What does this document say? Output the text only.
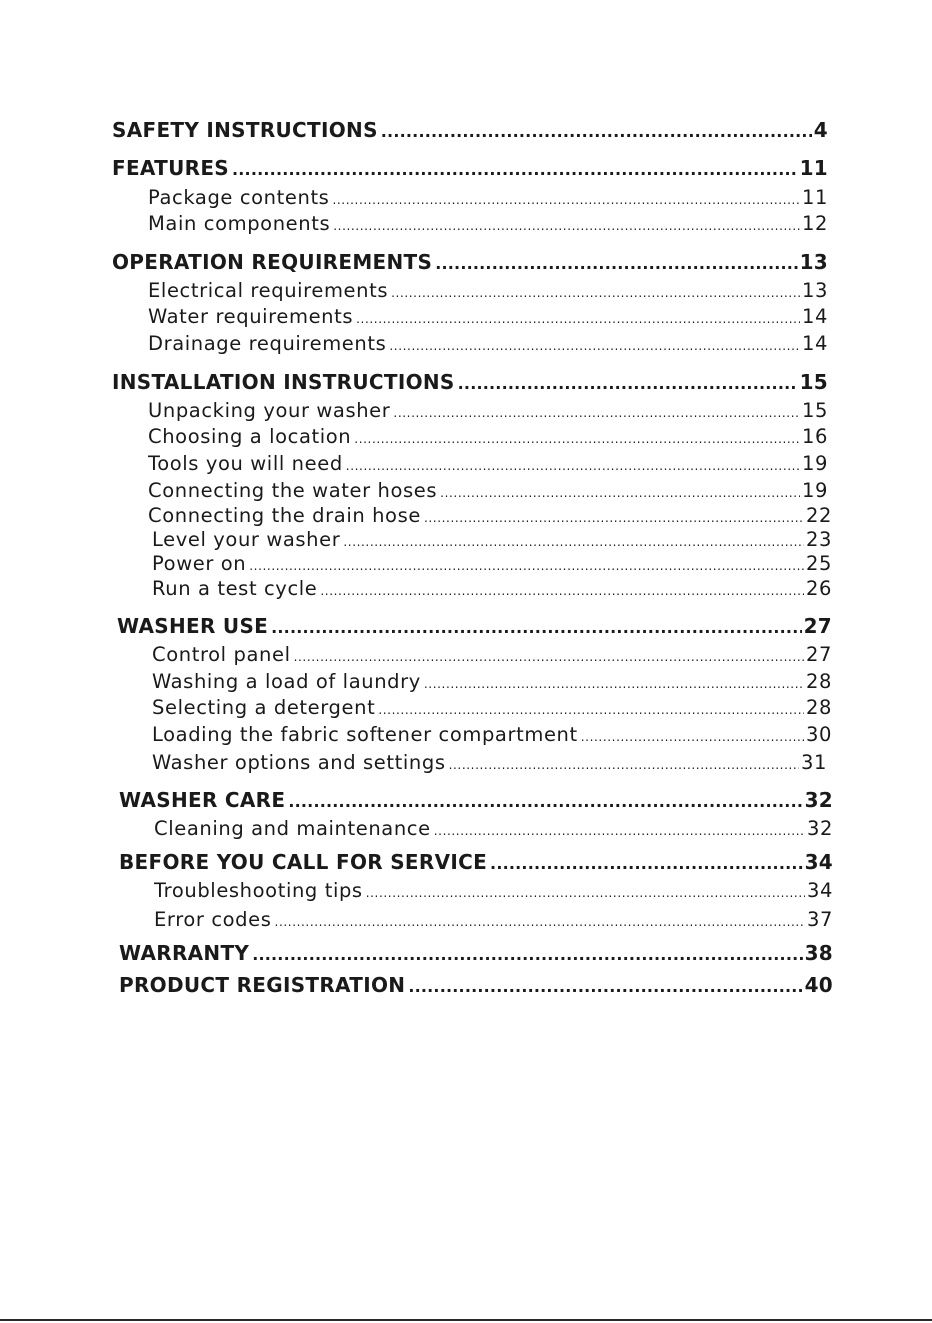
SAFETY INSTRUCTIONS .....	4
FEATURES .....	11
Package contents .....	11
Main components .....	12
OPERATION REQUIREMENTS .....	13
Electrical requirements .....	13
Water requirements .....	14
Drainage requirements .....	14
INSTALLATION INSTRUCTIONS .....	15
Unpacking your washer .....	15
Choosing a location .....	16
Tools you will need .....	19
Connecting the water hoses .....	19
Connecting the drain hose .....	22
Level your washer .....	23
Power on .....	25
Run a test cycle .....	26
WASHER USE .....	27
Control panel .....	27
Washing a load of laundry .....	28
Selecting a detergent .....	28
Loading the fabric softener compartment .....	30
Washer options and settings .....	31
WASHER CARE .....	32
Cleaning and maintenance .....	32
BEFORE YOU CALL FOR SERVICE .....	34
Troubleshooting tips .....	34
Error codes .....	37
WARRANTY .....	38
PRODUCT REGISTRATION .....	40
